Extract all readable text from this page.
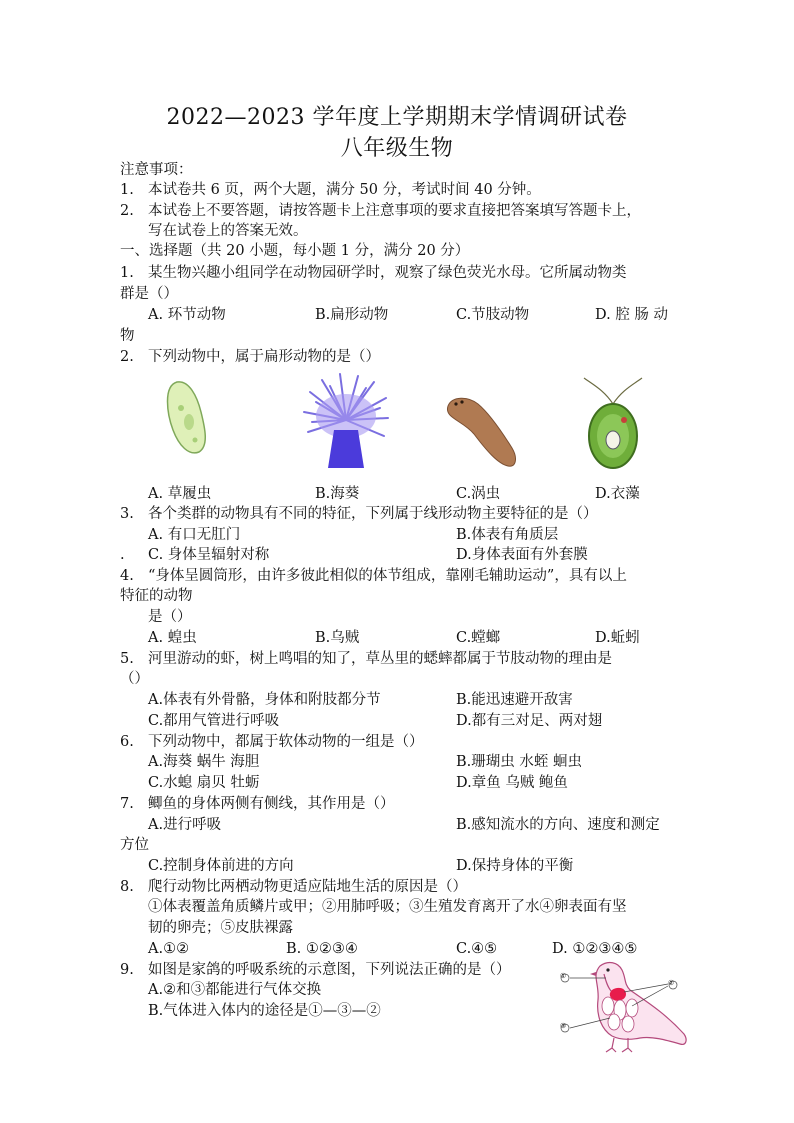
2022—2023 学年度上学期期末学情调研试卷
八年级生物
注意事项：
1. 本试卷共 6 页，两个大题，满分 50 分，考试时间 40 分钟。
2. 本试卷上不要答题，请按答题卡上注意事项的要求直接把答案填写答题卡上，
写在试卷上的答案无效。
一、选择题（共 20 小题，每小题 1 分，满分 20 分）
1. 某生物兴趣小组同学在动物园研学时，观察了绿色荧光水母。它所属动物类
群是（）
A. 环节动物	B.扁形动物	C.节肢动物	D. 腔 肠 动
物
2. 下列动物中，属于扁形动物的是（）
A. 草履虫	B.海葵	C.涡虫	D.衣藻
3. 各个类群的动物具有不同的特征，下列属于线形动物主要特征的是（）
A. 有口无肛门	B.体表有角质层
. C. 身体呈辐射对称	D.身体表面有外套膜
4. “身体呈圆筒形，由许多彼此相似的体节组成，靠刚毛辅助运动”，具有以上
特征的动物
是（）
A. 蝗虫	B.乌贼	C.螳螂	D.蚯蚓
5. 河里游动的虾，树上鸣唱的知了，草丛里的蟋蟀都属于节肢动物的理由是
（）
A.体表有外骨骼，身体和附肢都分节	B.能迅速避开敌害
C.都用气管进行呼吸	D.都有三对足、两对翅
6. 下列动物中，都属于软体动物的一组是（）
A.海葵 蜗牛 海胆	B.珊瑚虫 水蛭 蛔虫
C.水螅 扇贝 牡蛎	D.章鱼 乌贼 鲍鱼
7. 鲫鱼的身体两侧有侧线，其作用是（）
A.进行呼吸	B.感知流水的方向、速度和测定
方位
C.控制身体前进的方向	D.保持身体的平衡
8. 爬行动物比两栖动物更适应陆地生活的原因是（）
①体表覆盖角质鳞片或甲；②用肺呼吸；③生殖发育离开了水④卵表面有坚
韧的卵壳；⑤皮肤裸露
A.①②	B. ①②③④	C.④⑤	D. ①②③④⑤
9. 如图是家鸽的呼吸系统的示意图，下列说法正确的是（）
A.②和③都能进行气体交换
B.气体进入体内的途径是①—③—②
①
②
③
